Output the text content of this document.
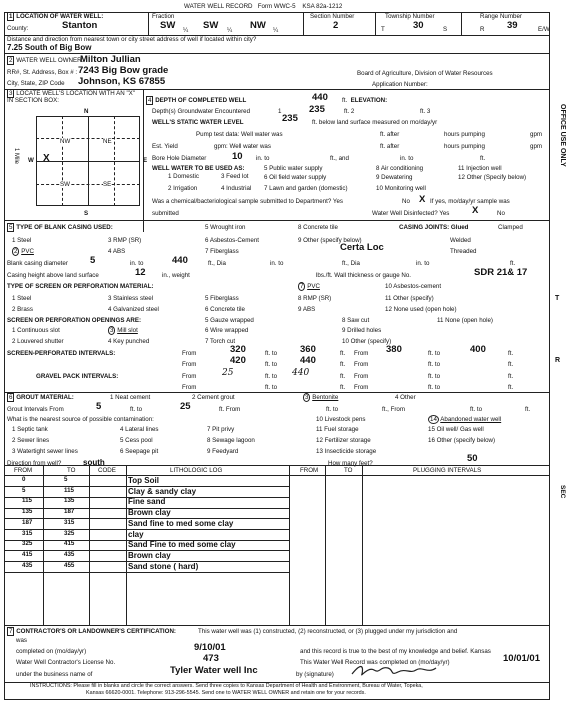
WATER WELL RECORD Form WWC-5 KSA 82a-1212
1 LOCATION OF WATER WELL:
County:	Stanton
Fraction
SW ¼ SW ¼ NW ¼
Section Number
2
Township Number
T	30	S
Range Number
R 39	E/W
Distance and direction from nearest town or city street address of well if located within city?
7.25 South of Big Bow
2 WATER WELL OWNER:
Milton Jullian
RR#, St. Address, Box # : 7243 Big Bow grade
City, State, ZIP Code Johnson, KS 67855
Board of Agriculture, Division of Water Resources
Application Number:
3 LOCATE WELL'S LOCATION WITH AN "X" IN SECTION BOX:
N
NW	NE
SW	SE
W X	E
S
1 Mile
4 DEPTH OF COMPLETED WELL	440 ft. ELEVATION:
Depth(s) Groundwater Encountered	1	235	ft. 2	ft. 3
WELL'S STATIC WATER LEVEL	235 ft. below land surface measured on mo/day/yr
Pump test data: Well water was	ft. after	hours pumping	gpm
Est. Yield	gpm: Well water was	ft. after	hours pumping	gpm
Bore Hole Diameter	10 in. to	ft., and	in. to	ft.
WELL WATER TO BE USED AS:
1 Domestic
2 Irrigation
3 Feed lot
4 Industrial
5 Public water supply
6 Oil field water supply
7 Lawn and garden (domestic)
8 Air conditioning
9 Dewatering
10 Monitoring well
11 Injection well
12 Other (Specify below)
Was a chemical/bacteriological sample submitted to Department? Yes	No X If yes, mo/day/yr sample was
submitted	Water Well Disinfected? Yes X	No
5 TYPE OF BLANK CASING USED:
1 Steel
2 PVC
3 RMP (SR)
4 ABS
5 Wrought iron
6 Asbestos-Cement
7 Fiberglass
8 Concrete tile
9 Other (specify below)
Certa Loc
CASING JOINTS: Glued	Clamped
Welded
Threaded
Blank casing diameter 5	in. to	440	ft., Dia	in. to	ft., Dia	in. to	ft.
Casing height above land surface	12	in., weight	lbs./ft. Wall thickness or gauge No.	SDR 21& 17
TYPE OF SCREEN OR PERFORATION MATERIAL:
1 Steel
2 Brass
3 Stainless steel
4 Galvanized steel
5 Fiberglass
6 Concrete tile
7 PVC
8 RMP (SR)
9 ABS
10 Asbestos-cement
11 Other (specify)
12 None used (open hole)
SCREEN OR PERFORATION OPENINGS ARE:
1 Continuous slot
2 Louvered shutter
3 Mill slot
4 Key punched
5 Gauze wrapped
6 Wire wrapped
7 Torch cut
8 Saw cut
9 Drilled holes
10 Other (specify)
11 None (open hole)
SCREEN-PERFORATED INTERVALS:	From	320	ft. to 360	ft. From 380	ft. to	400	ft.
From	420	ft. to 440	ft. From	ft. to	ft.
GRAVEL PACK INTERVALS:	From	25	ft. to 440	ft. From	ft. to	ft.
From	ft. to	ft. From	ft. to	ft.
6 GROUT MATERIAL:	1 Neat cement	2 Cement grout	3 Bentonite	4 Other
Grout Intervals From	5	ft. to	25	ft. From	ft. to	ft., From	ft. to	ft.
What is the nearest source of possible contamination:
1 Septic tank
2 Sewer lines
3 Watertight sewer lines
4 Lateral lines
5 Cess pool
6 Seepage pit
7 Pit privy
8 Sewage lagoon
9 Feedyard
10 Livestock pens
11 Fuel storage
12 Fertilizer storage
13 Insecticide storage
14 Abandoned water well
15 Oil well/ Gas well
16 Other (specify below)
Direction from well?	south	How many feet?	50
FROM	TO	CODE	LITHOLOGIC LOG	FROM	TO	PLUGGING INTERVALS
0	5	Top Soil
5	115	Clay & sandy clay
115	135	Fine sand
135	187	Brown clay
187	315	Sand fine to med some clay
315	325	clay
325	415	Sand Fine to med some clay
415	435	Brown clay
435	455	Sand stone ( hard)
7 CONTRACTOR'S OR LANDOWNER'S CERTIFICATION:	This water well was (1) constructed, (2) reconstructed, or (3) plugged under my jurisdiction and
was
completed on (mo/day/yr)	9/10/01	and this record is true to the best of my knowledge and belief. Kansas
Water Well Contractor's License No.	473	This Water Well Record was completed on (mo/day/yr)	10/01/01
under the business name of	Tyler Water well Inc	by (signature)
INSTRUCTIONS: Please fill in blanks and circle the correct answers. Send three copies to Kansas Department of Health and Environment, Bureau of Water, Topeka,
Kansas 66620-0001. Telephone: 913-296-5545. Send one to WATER WELL OWNER and retain one for your records.
OFFICE USE ONLY
T
R
SEC
